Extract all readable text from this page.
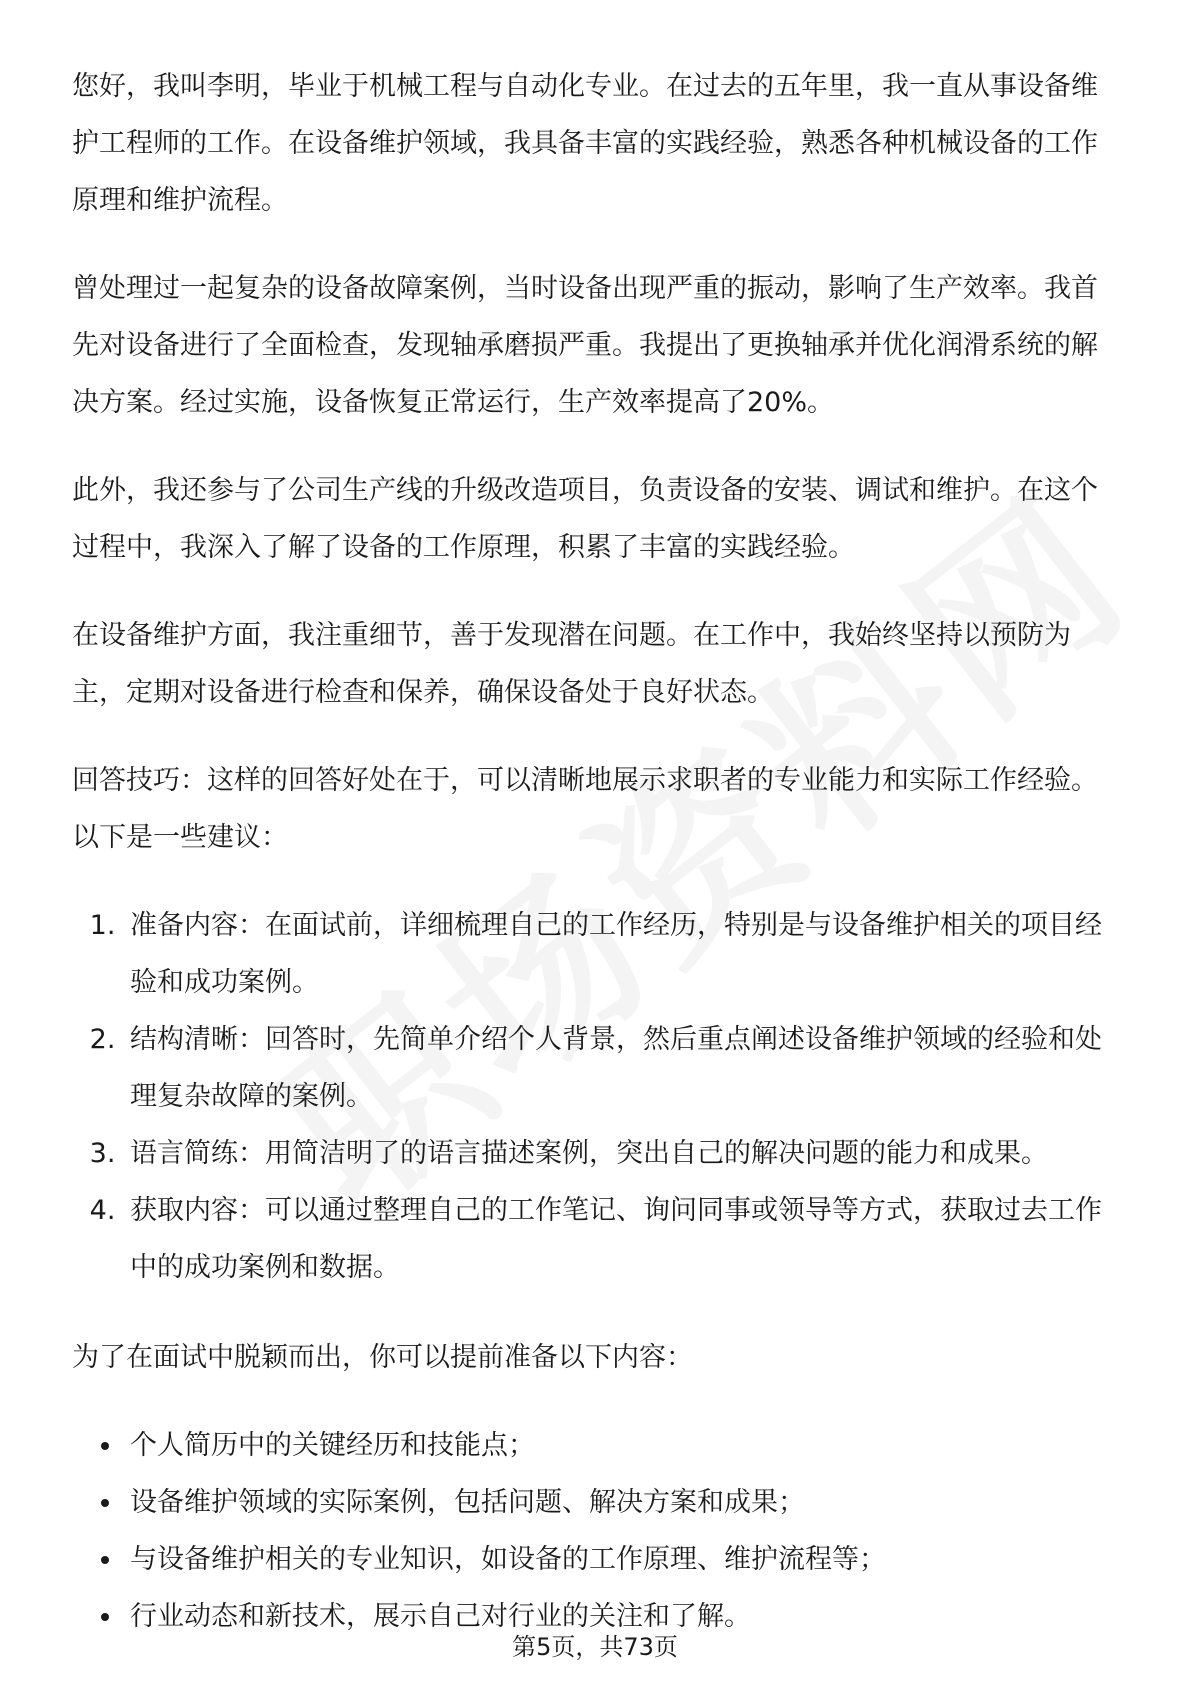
您好，我叫李明，毕业于机械工程与自动化专业。在过去的五年里，我一直从事设备维护工程师的工作。在设备维护领域，我具备丰富的实践经验，熟悉各种机械设备的工作原理和维护流程。

曾处理过一起复杂的设备故障案例，当时设备出现严重的振动，影响了生产效率。我首先对设备进行了全面检查，发现轴承磨损严重。我提出了更换轴承并优化润滑系统的解决方案。经过实施，设备恢复正常运行，生产效率提高了20%。

此外，我还参与了公司生产线的升级改造项目，负责设备的安装、调试和维护。在这个过程中，我深入了解了设备的工作原理，积累了丰富的实践经验。

在设备维护方面，我注重细节，善于发现潜在问题。在工作中，我始终坚持以预防为主，定期对设备进行检查和保养，确保设备处于良好状态。

回答技巧：这样的回答好处在于，可以清晰地展示求职者的专业能力和实际工作经验。以下是一些建议：

1. 准备内容：在面试前，详细梳理自己的工作经历，特别是与设备维护相关的项目经验和成功案例。
2. 结构清晰：回答时，先简单介绍个人背景，然后重点阐述设备维护领域的经验和处理复杂故障的案例。
3. 语言简练：用简洁明了的语言描述案例，突出自己的解决问题的能力和成果。
4. 获取内容：可以通过整理自己的工作笔记、询问同事或领导等方式，获取过去工作中的成功案例和数据。

为了在面试中脱颖而出，你可以提前准备以下内容：

• 个人简历中的关键经历和技能点；
• 设备维护领域的实际案例，包括问题、解决方案和成果；
• 与设备维护相关的专业知识，如设备的工作原理、维护流程等；
• 行业动态和新技术，展示自己对行业的关注和了解。
第5页，共73页
